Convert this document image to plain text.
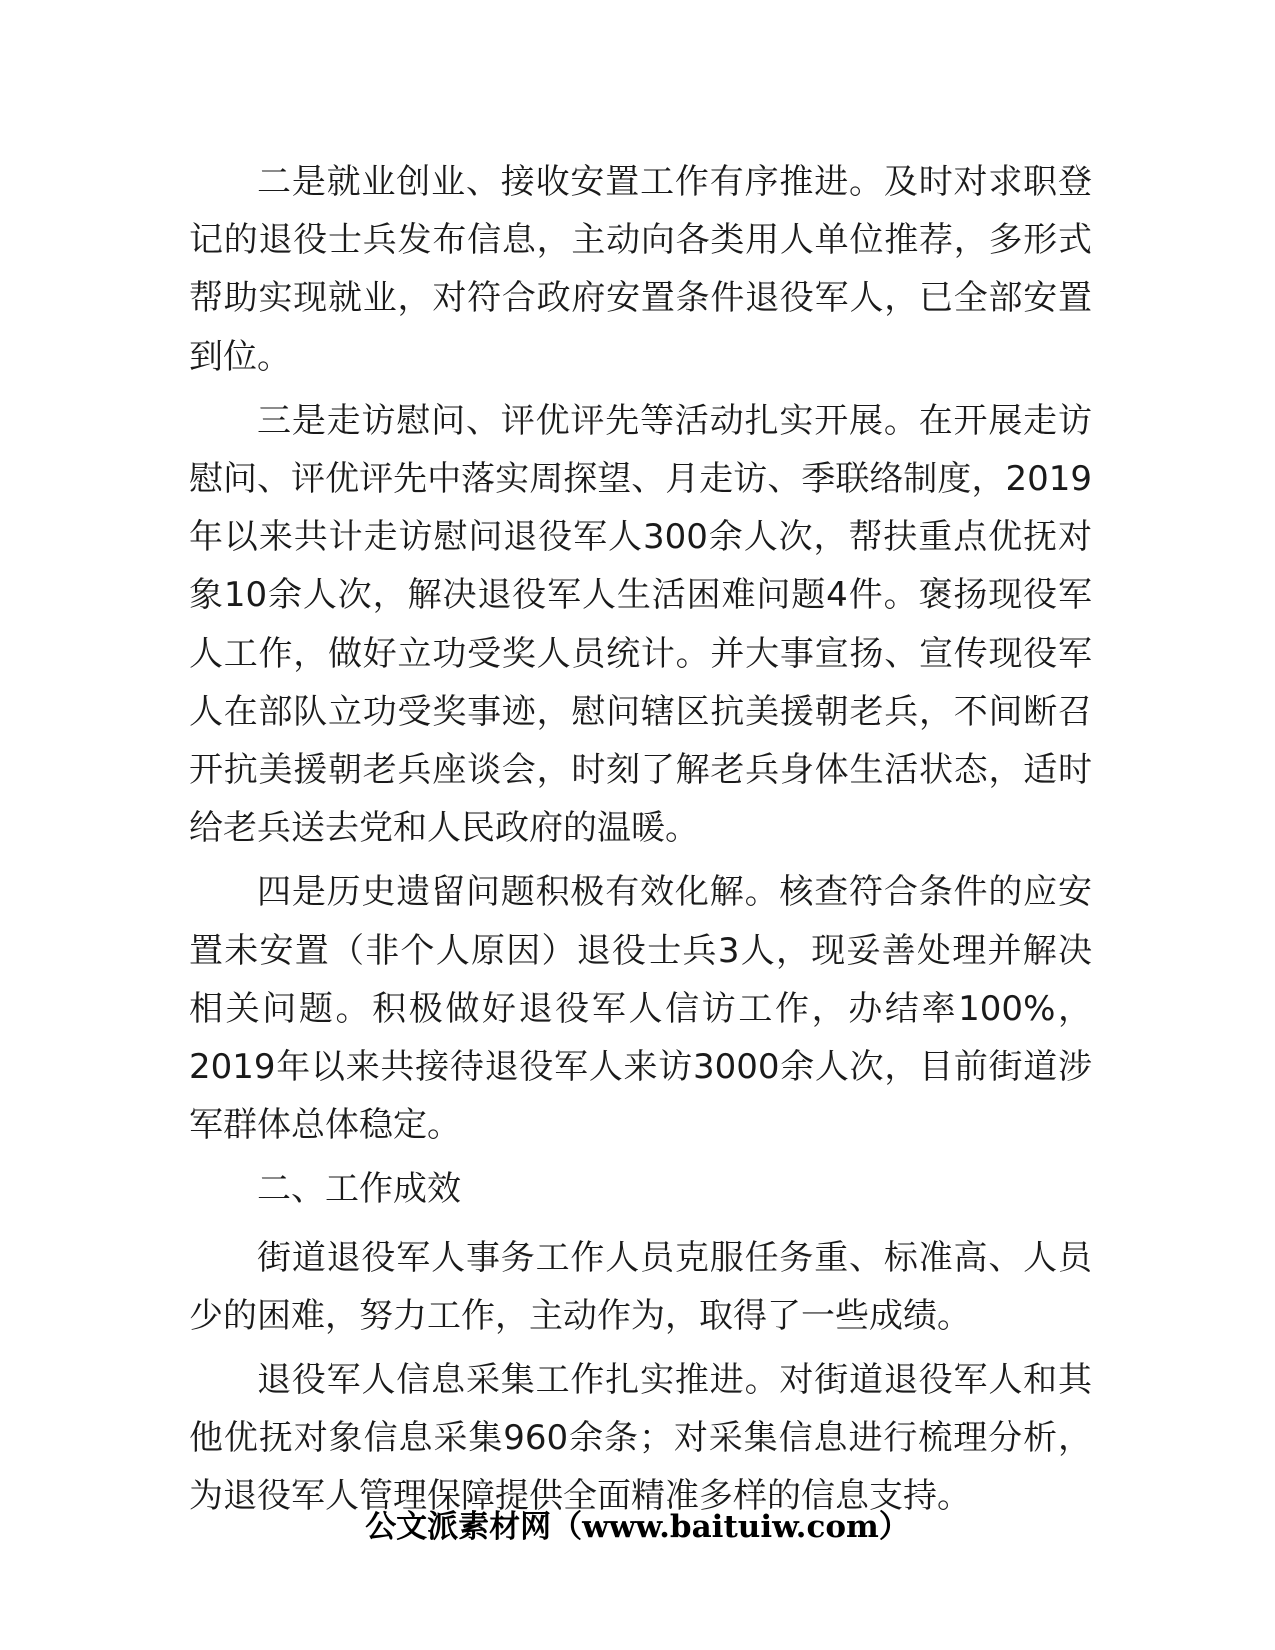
二是就业创业、接收安置工作有序推进。及时对求职登记的退役士兵发布信息，主动向各类用人单位推荐，多形式帮助实现就业，对符合政府安置条件退役军人，已全部安置到位。

三是走访慰问、评优评先等活动扎实开展。在开展走访慰问、评优评先中落实周探望、月走访、季联络制度，2019年以来共计走访慰问退役军人300余人次，帮扶重点优抚对象10余人次，解决退役军人生活困难问题4件。褒扬现役军人工作，做好立功受奖人员统计。并大事宣扬、宣传现役军人在部队立功受奖事迹，慰问辖区抗美援朝老兵，不间断召开抗美援朝老兵座谈会，时刻了解老兵身体生活状态，适时给老兵送去党和人民政府的温暖。

四是历史遗留问题积极有效化解。核查符合条件的应安置未安置（非个人原因）退役士兵3人，现妥善处理并解决相关问题。积极做好退役军人信访工作，办结率100%，2019年以来共接待退役军人来访3000余人次，目前街道涉军群体总体稳定。

二、工作成效

街道退役军人事务工作人员克服任务重、标准高、人员少的困难，努力工作，主动作为，取得了一些成绩。

退役军人信息采集工作扎实推进。对街道退役军人和其他优抚对象信息采集960余条；对采集信息进行梳理分析，为退役军人管理保障提供全面精准多样的信息支持。

公文派素材网（www.baituiw.com）
